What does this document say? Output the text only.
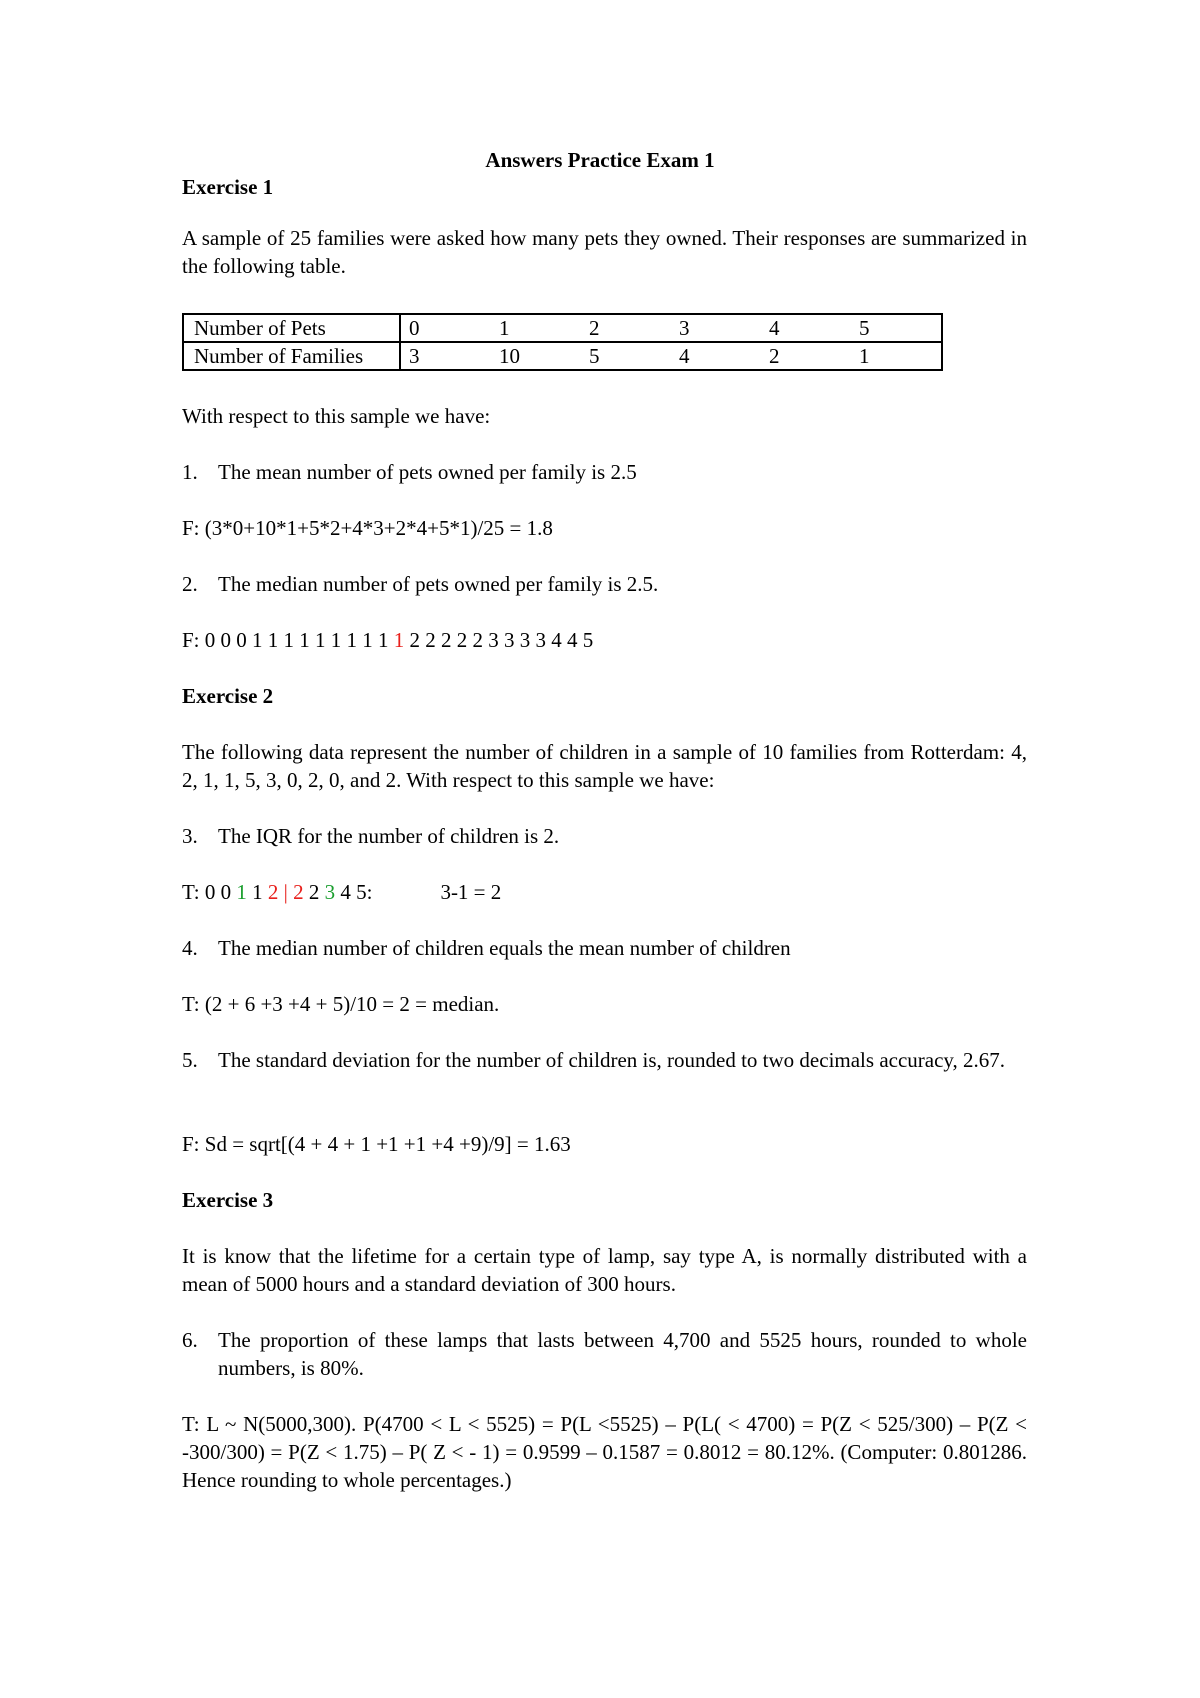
Answers Practice Exam 1
Exercise 1
A sample of 25 families were asked how many pets they owned. Their responses are summarized in the following table.
Number of Pets	0	1	2	3	4	5
Number of Families	3	10	5	4	2	1
With respect to this sample we have:
1. The mean number of pets owned per family is 2.5
F: (3*0+10*1+5*2+4*3+2*4+5*1)/25 = 1.8
2. The median number of pets owned per family is 2.5.
F: 0 0 0 1 1 1 1 1 1 1 1 1 1 2 2 2 2 2 3 3 3 3 4 4 5
Exercise 2
The following data represent the number of children in a sample of 10 families from Rotterdam: 4, 2, 1, 1, 5, 3, 0, 2, 0, and 2. With respect to this sample we have:
3. The IQR for the number of children is 2.
T: 0 0 1 1 2 | 2 2 3 4 5:	3-1 = 2
4. The median number of children equals the mean number of children
T: (2 + 6 +3 +4 + 5)/10 = 2 = median.
5. The standard deviation for the number of children is, rounded to two decimals accuracy, 2.67.
F: Sd = sqrt[(4 + 4 + 1 +1 +1 +4 +9)/9] = 1.63
Exercise 3
It is know that the lifetime for a certain type of lamp, say type A, is normally distributed with a mean of 5000 hours and a standard deviation of 300 hours.
6. The proportion of these lamps that lasts between 4,700 and 5525 hours, rounded to whole numbers, is 80%.
T: L ~ N(5000,300). P(4700 < L < 5525) = P(L <5525) – P(L( < 4700) = P(Z < 525/300) – P(Z < -300/300) = P(Z < 1.75) – P( Z < - 1) = 0.9599 – 0.1587 = 0.8012 = 80.12%. (Computer: 0.801286. Hence rounding to whole percentages.)
